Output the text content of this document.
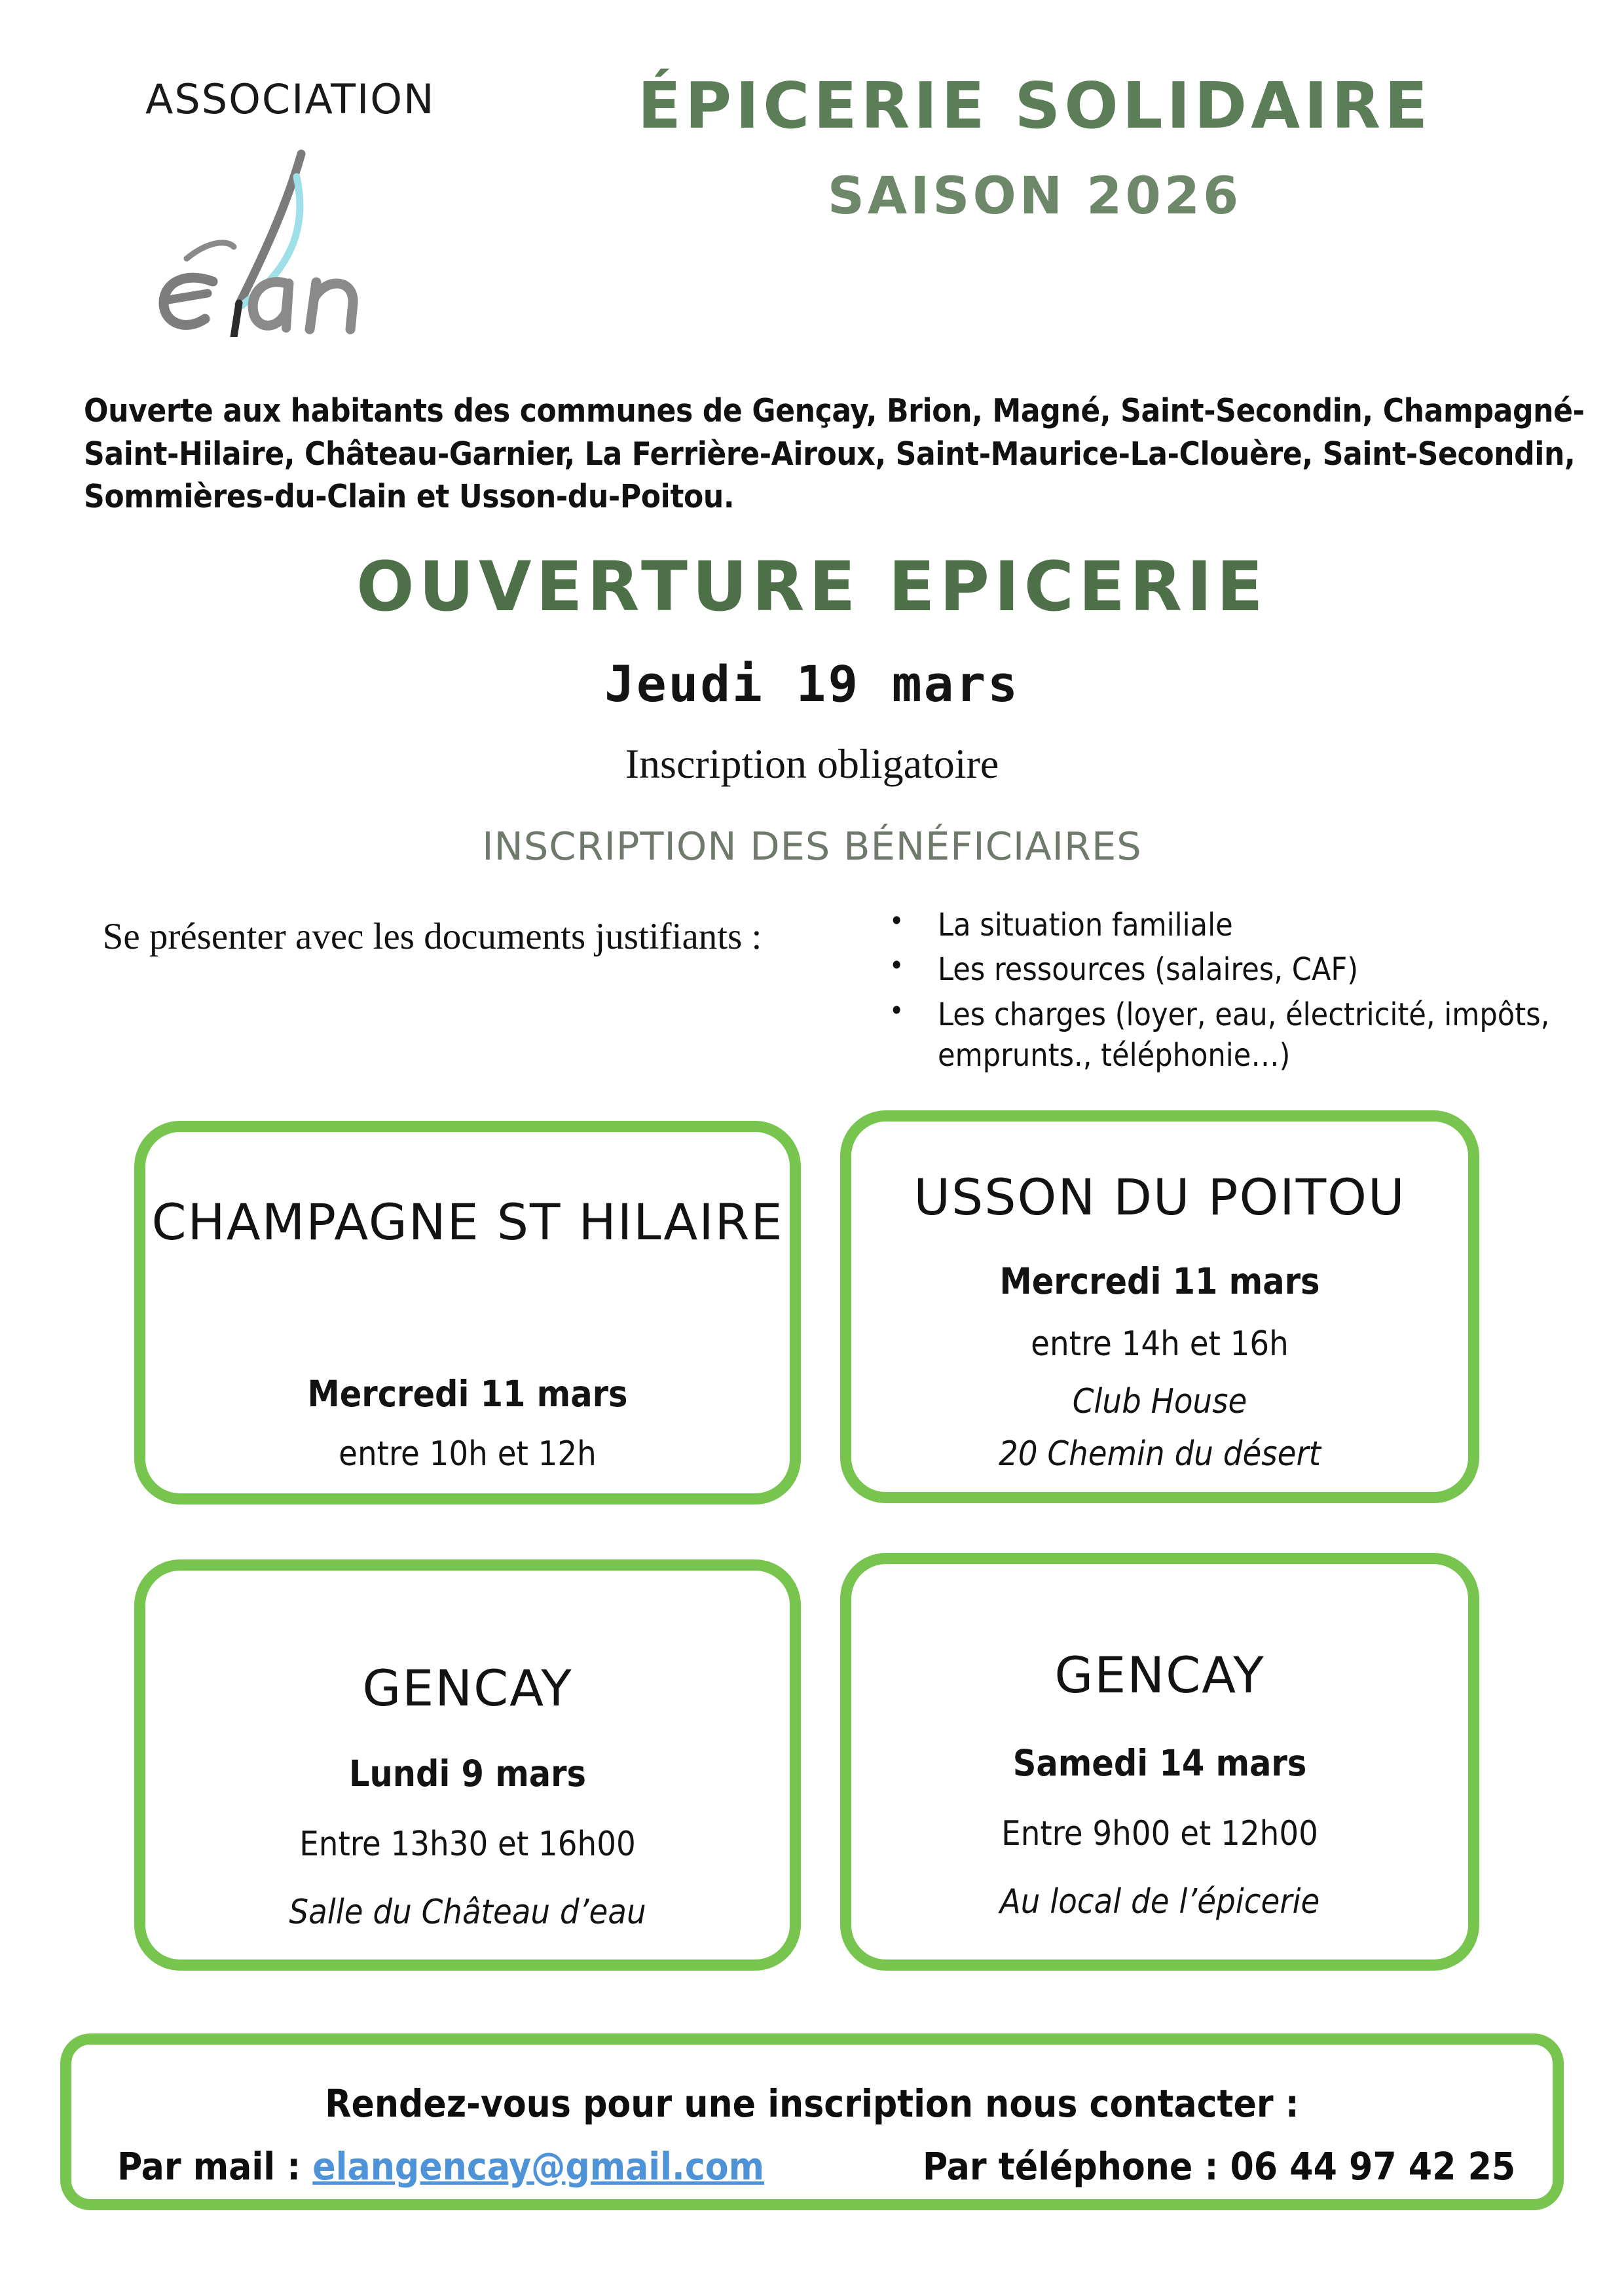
ASSOCIATION	ÉPICERIE SOLIDAIRE
SAISON 2026
Ouverte aux habitants des communes de Gençay, Brion, Magné, Saint-Secondin, Champagné-Saint-Hilaire, Château-Garnier, La Ferrière-Airoux, Saint-Maurice-La-Clouère, Saint-Secondin, Sommières-du-Clain et Usson-du-Poitou.
OUVERTURE EPICERIE
Jeudi 19 mars
Inscription obligatoire
INSCRIPTION DES BÉNÉFICIAIRES
Se présenter avec les documents justifiants :	• La situation familiale
• Les ressources (salaires, CAF)
• Les charges (loyer, eau, électricité, impôts, emprunts., téléphonie…)
CHAMPAGNE ST HILAIRE
Mercredi 11 mars
entre 10h et 12h
USSON DU POITOU
Mercredi 11 mars
entre 14h et 16h
Club House
20 Chemin du désert
GENCAY
Lundi 9 mars
Entre 13h30 et 16h00
Salle du Château d’eau
GENCAY
Samedi 14 mars
Entre 9h00 et 12h00
Au local de l’épicerie
Rendez-vous pour une inscription nous contacter :
Par mail : elangencay@gmail.com	Par téléphone : 06 44 97 42 25
